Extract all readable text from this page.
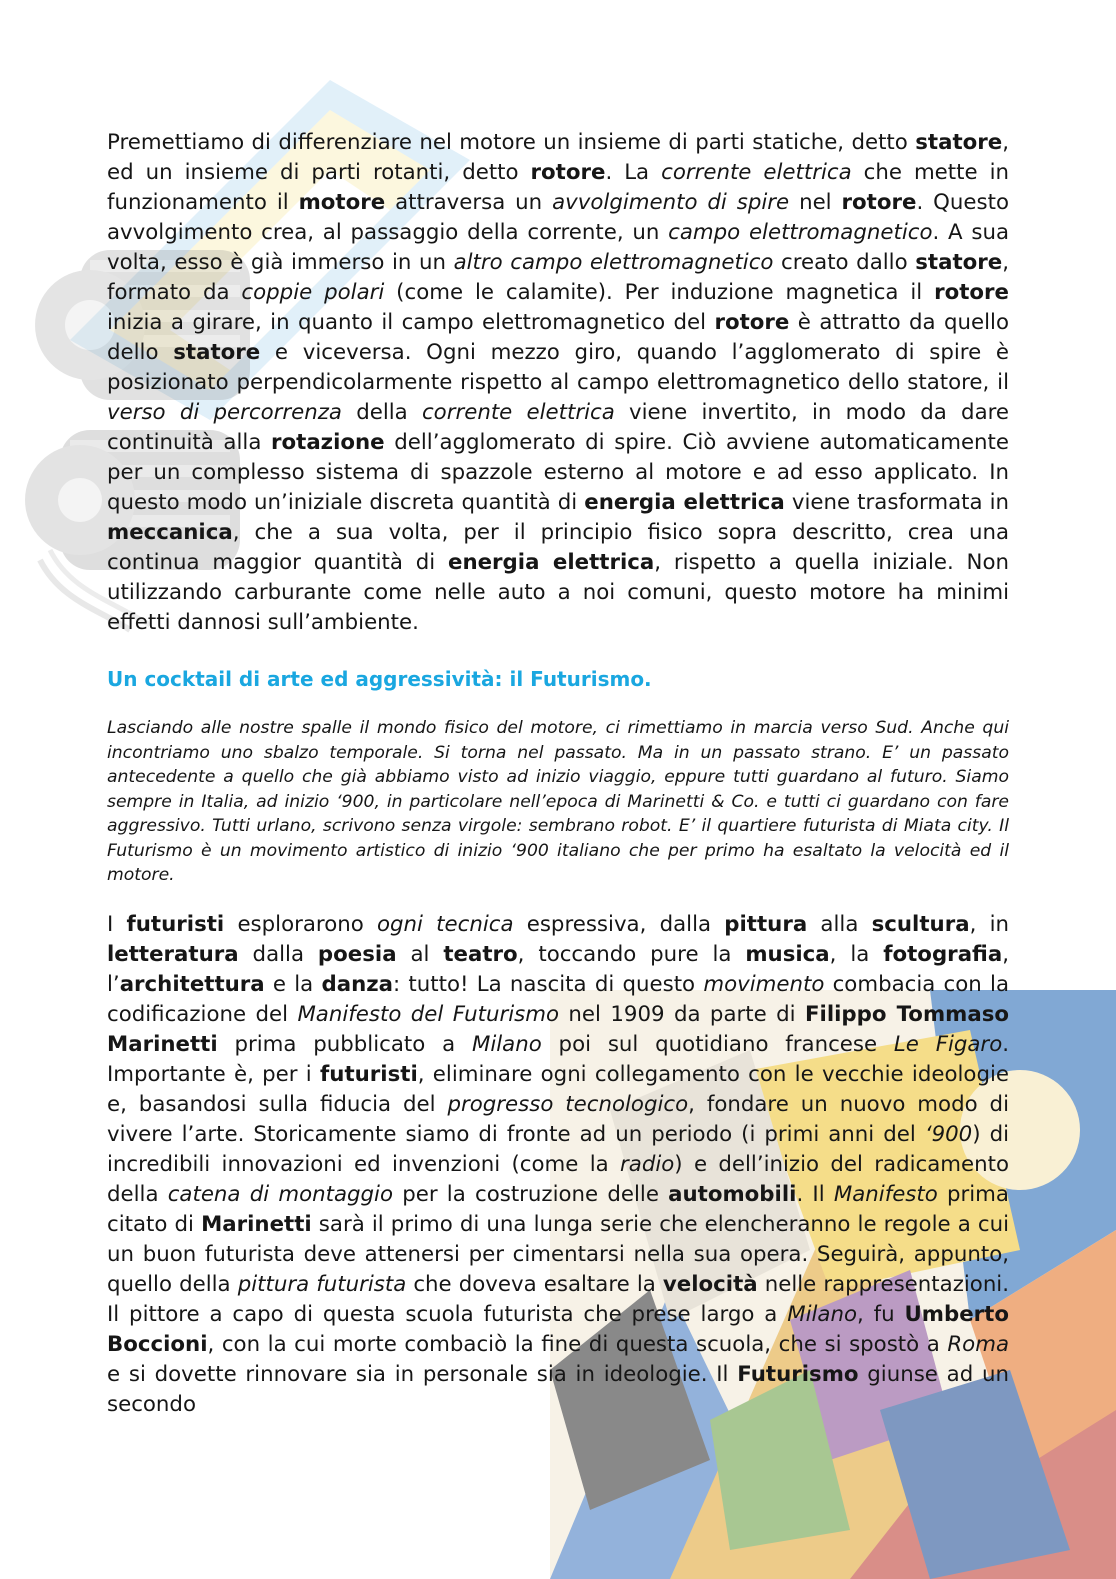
Premettiamo di differenziare nel motore un insieme di parti statiche, detto statore, ed un insieme di parti rotanti, detto rotore. La corrente elettrica che mette in funzionamento il motore attraversa un avvolgimento di spire nel rotore. Questo avvolgimento crea, al passaggio della corrente, un campo elettromagnetico. A sua volta, esso è già immerso in un altro campo elettromagnetico creato dallo statore, formato da coppie polari (come le calamite). Per induzione magnetica il rotore inizia a girare, in quanto il campo elettromagnetico del rotore è attratto da quello dello statore e viceversa. Ogni mezzo giro, quando l’agglomerato di spire è posizionato perpendicolarmente rispetto al campo elettromagnetico dello statore, il verso di percorrenza della corrente elettrica viene invertito, in modo da dare continuità alla rotazione dell’agglomerato di spire. Ciò avviene automaticamente per un complesso sistema di spazzole esterno al motore e ad esso applicato. In questo modo un’iniziale discreta quantità di energia elettrica viene trasformata in meccanica, che a sua volta, per il principio fisico sopra descritto, crea una continua maggior quantità di energia elettrica, rispetto a quella iniziale. Non utilizzando carburante come nelle auto a noi comuni, questo motore ha minimi effetti dannosi sull’ambiente.

Un cocktail di arte ed aggressività: il Futurismo.

Lasciando alle nostre spalle il mondo fisico del motore, ci rimettiamo in marcia verso Sud. Anche qui incontriamo uno sbalzo temporale. Si torna nel passato. Ma in un passato strano. E’ un passato antecedente a quello che già abbiamo visto ad inizio viaggio, eppure tutti guardano al futuro. Siamo sempre in Italia, ad inizio ‘900, in particolare nell’epoca di Marinetti & Co. e tutti ci guardano con fare aggressivo. Tutti urlano, scrivono senza virgole: sembrano robot. E’ il quartiere futurista di Miata city. Il Futurismo è un movimento artistico di inizio ‘900 italiano che per primo ha esaltato la velocità ed il motore.

I futuristi esplorarono ogni tecnica espressiva, dalla pittura alla scultura, in letteratura dalla poesia al teatro, toccando pure la musica, la fotografia, l’architettura e la danza: tutto! La nascita di questo movimento combacia con la codificazione del Manifesto del Futurismo nel 1909 da parte di Filippo Tommaso Marinetti prima pubblicato a Milano poi sul quotidiano francese Le Figaro. Importante è, per i futuristi, eliminare ogni collegamento con le vecchie ideologie e, basandosi sulla fiducia del progresso tecnologico, fondare un nuovo modo di vivere l’arte. Storicamente siamo di fronte ad un periodo (i primi anni del ‘900) di incredibili innovazioni ed invenzioni (come la radio) e dell’inizio del radicamento della catena di montaggio per la costruzione delle automobili. Il Manifesto prima citato di Marinetti sarà il primo di una lunga serie che elencheranno le regole a cui un buon futurista deve attenersi per cimentarsi nella sua opera. Seguirà, appunto, quello della pittura futurista che doveva esaltare la velocità nelle rappresentazioni. Il pittore a capo di questa scuola futurista che prese largo a Milano, fu Umberto Boccioni, con la cui morte combaciò la fine di questa scuola, che si spostò a Roma e si dovette rinnovare sia in personale sia in ideologie. Il Futurismo giunse ad un secondo
